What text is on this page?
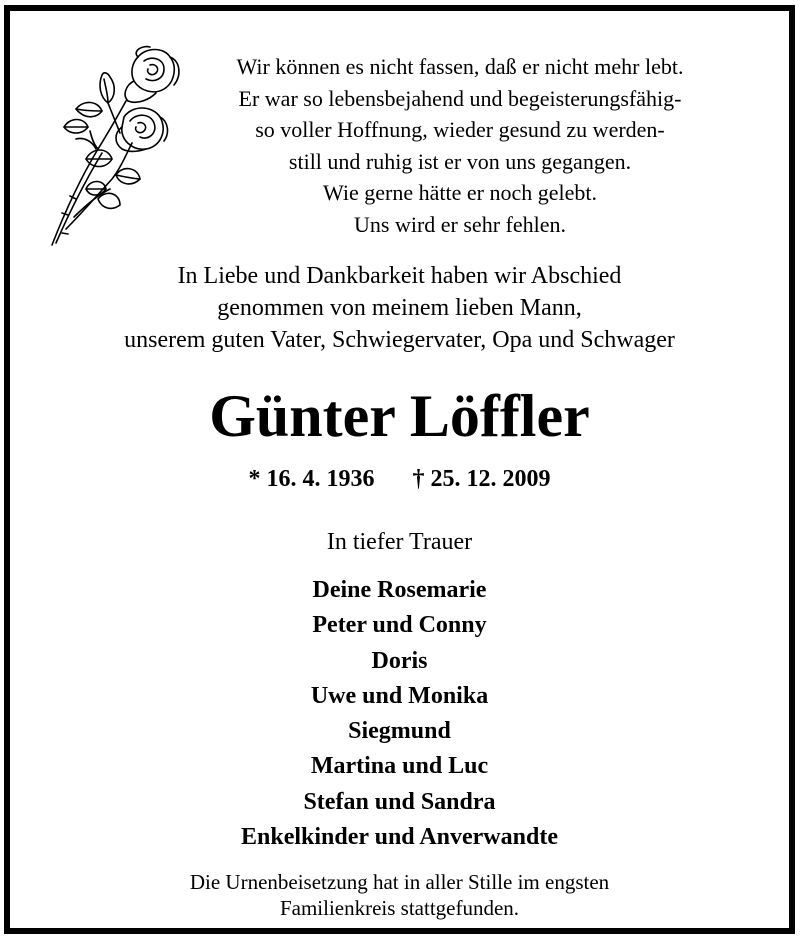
Wir können es nicht fassen, daß er nicht mehr lebt.
Er war so lebensbejahend und begeisterungsfähig-
so voller Hoffnung, wieder gesund zu werden-
still und ruhig ist er von uns gegangen.
Wie gerne hätte er noch gelebt.
Uns wird er sehr fehlen.
In Liebe und Dankbarkeit haben wir Abschied
genommen von meinem lieben Mann,
unserem guten Vater, Schwiegervater, Opa und Schwager
Günter Löffler
* 16. 4. 1936 † 25. 12. 2009
In tiefer Trauer
Deine Rosemarie
Peter und Conny
Doris
Uwe und Monika
Siegmund
Martina und Luc
Stefan und Sandra
Enkelkinder und Anverwandte
Die Urnenbeisetzung hat in aller Stille im engsten
Familienkreis stattgefunden.
